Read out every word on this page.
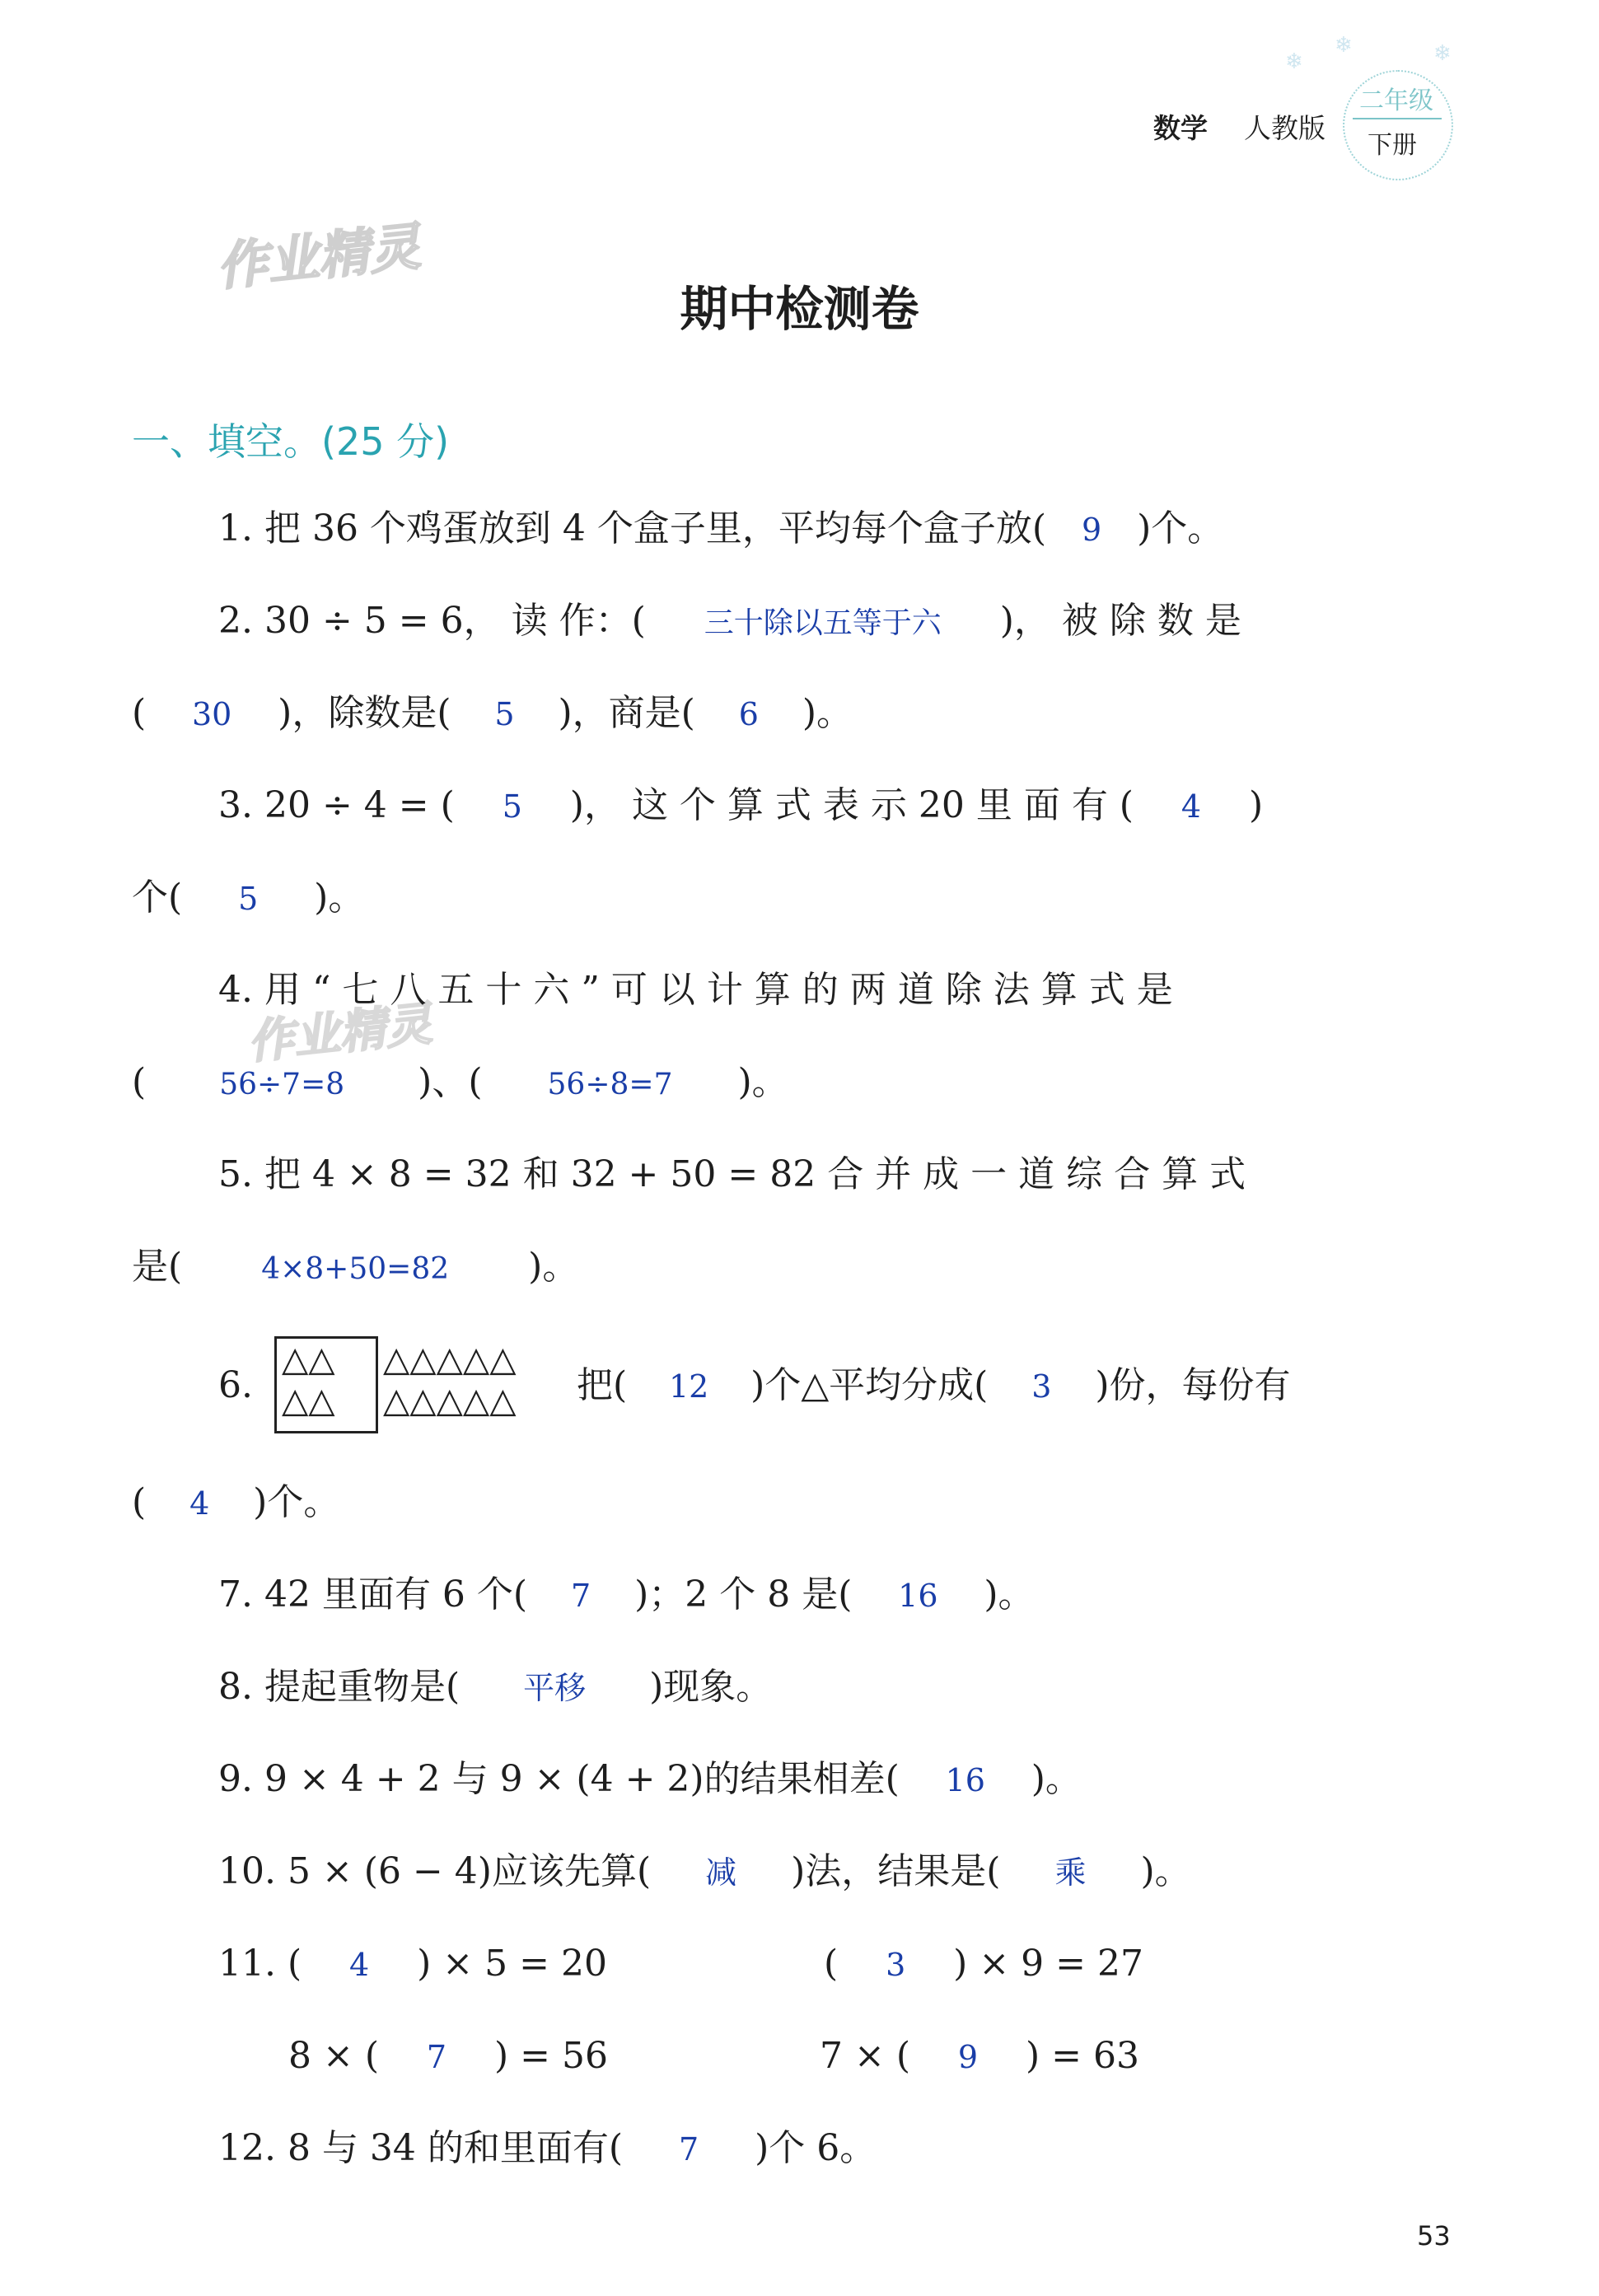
❄
❄	❄
数学 人教版
二年级
下册
作业精灵
作业精灵
期中检测卷
一、填空。(25 分)
1. 把 36 个鸡蛋放到 4 个盒子里，平均每个盒子放( 9 )个。
2. 30 ÷ 5 = 6， 读 作：( 三十除以五等于六 )， 被 除 数 是
( 30 )，除数是( 5 )，商是( 6 )。
3. 20 ÷ 4 = ( 5 )， 这 个 算 式 表 示 20 里 面 有 ( 4 )
个( 5 )。
4. 用 “ 七 八 五 十 六 ” 可 以 计 算 的 两 道 除 法 算 式 是
( 56÷7=8 )、( 56÷8=7 )。
5. 把 4 × 8 = 32 和 32 + 50 = 82 合 并 成 一 道 综 合 算 式
是(	4×8+50=82 )。
6.
△△
△△
△△△△△
△△△△△ 把( 12 )个△平均分成( 3 )份，每份有
( 4 )个。
7. 42 里面有 6 个( 7 )；2 个 8 是( 16 )。
8. 提起重物是( 平移 )现象。
9. 9 × 4 + 2 与 9 × (4 + 2)的结果相差( 16 )。
10. 5 × (6 − 4)应该先算( 减 )法，结果是( 乘 )。
11. ( 4 ) × 5 = 20	( 3 ) × 9 = 27
8 × ( 7 ) = 56	7 × ( 9 ) = 63
12. 8 与 34 的和里面有( 7 )个 6。
53
